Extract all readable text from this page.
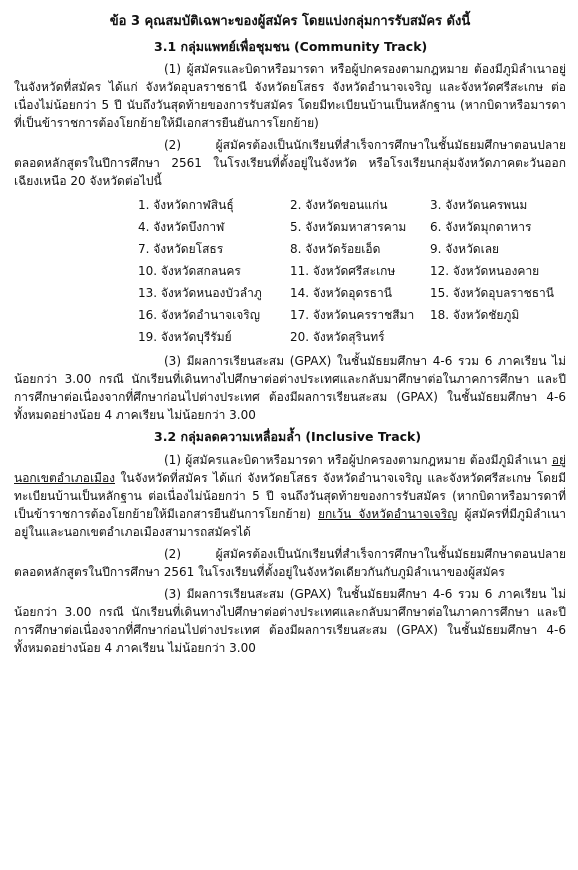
ข้อ 3 คุณสมบัติเฉพาะของผู้สมัคร โดยแบ่งกลุ่มการรับสมัคร ดังนี้
3.1 กลุ่มแพทย์เพื่อชุมชน (Community Track)

(1) ผู้สมัครและบิดาหรือมารดา หรือผู้ปกครองตามกฎหมาย ต้องมีภูมิลำเนาอยู่ในจังหวัดที่สมัคร ได้แก่ จังหวัดอุบลราชธานี จังหวัดยโสธร จังหวัดอำนาจเจริญ และจังหวัดศรีสะเกษ ต่อเนื่องไม่น้อยกว่า 5 ปี นับถึงวันสุดท้ายของการรับสมัคร โดยมีทะเบียนบ้านเป็นหลักฐาน (หากบิดาหรือมารดาที่เป็นข้าราชการต้องโยกย้ายให้มีเอกสารยืนยันการโยกย้าย)

(2) ผู้สมัครต้องเป็นนักเรียนที่สำเร็จการศึกษาในชั้นมัธยมศึกษาตอนปลาย ตลอดหลักสูตรในปีการศึกษา 2561 ในโรงเรียนที่ตั้งอยู่ในจังหวัด หรือโรงเรียนกลุ่มจังหวัดภาคตะวันออกเฉียงเหนือ 20 จังหวัดต่อไปนี้

1. จังหวัดกาฬสินธุ์	2. จังหวัดขอนแก่น	3. จังหวัดนครพนม
4. จังหวัดบึงกาฬ	5. จังหวัดมหาสารคาม	6. จังหวัดมุกดาหาร
7. จังหวัดยโสธร	8. จังหวัดร้อยเอ็ด	9. จังหวัดเลย
10. จังหวัดสกลนคร	11. จังหวัดศรีสะเกษ	12. จังหวัดหนองคาย
13. จังหวัดหนองบัวลำภู	14. จังหวัดอุดรธานี	15. จังหวัดอุบลราชธานี
16. จังหวัดอำนาจเจริญ	17. จังหวัดนครราชสีมา	18. จังหวัดชัยภูมิ
19. จังหวัดบุรีรัมย์	20. จังหวัดสุรินทร์

(3) มีผลการเรียนสะสม (GPAX) ในชั้นมัธยมศึกษา 4-6 รวม 6 ภาคเรียน ไม่น้อยกว่า 3.00 กรณี นักเรียนที่เดินทางไปศึกษาต่อต่างประเทศและกลับมาศึกษาต่อในภาคการศึกษา และปีการศึกษาต่อเนื่องจากที่ศึกษาก่อนไปต่างประเทศ ต้องมีผลการเรียนสะสม (GPAX) ในชั้นมัธยมศึกษา 4-6 ทั้งหมดอย่างน้อย 4 ภาคเรียน ไม่น้อยกว่า 3.00

3.2 กลุ่มลดความเหลื่อมล้ำ (Inclusive Track)

(1) ผู้สมัครและบิดาหรือมารดา หรือผู้ปกครองตามกฎหมาย ต้องมีภูมิลำเนา อยู่นอกเขตอำเภอเมือง ในจังหวัดที่สมัคร ได้แก่ จังหวัดยโสธร จังหวัดอำนาจเจริญ และจังหวัดศรีสะเกษ โดยมีทะเบียนบ้านเป็นหลักฐาน ต่อเนื่องไม่น้อยกว่า 5 ปี จนถึงวันสุดท้ายของการรับสมัคร (หากบิดาหรือมารดาที่เป็นข้าราชการต้องโยกย้ายให้มีเอกสารยืนยันการโยกย้าย) ยกเว้น จังหวัดอำนาจเจริญ ผู้สมัครที่มีภูมิลำเนาอยู่ในและนอกเขตอำเภอเมืองสามารถสมัครได้

(2) ผู้สมัครต้องเป็นนักเรียนที่สำเร็จการศึกษาในชั้นมัธยมศึกษาตอนปลาย ตลอดหลักสูตรในปีการศึกษา 2561 ในโรงเรียนที่ตั้งอยู่ในจังหวัดเดียวกันกับภูมิลำเนาของผู้สมัคร

(3) มีผลการเรียนสะสม (GPAX) ในชั้นมัธยมศึกษา 4-6 รวม 6 ภาคเรียน ไม่น้อยกว่า 3.00 กรณี นักเรียนที่เดินทางไปศึกษาต่อต่างประเทศและกลับมาศึกษาต่อในภาคการศึกษา และปีการศึกษาต่อเนื่องจากที่ศึกษาก่อนไปต่างประเทศ ต้องมีผลการเรียนสะสม (GPAX) ในชั้นมัธยมศึกษา 4-6 ทั้งหมดอย่างน้อย 4 ภาคเรียน ไม่น้อยกว่า 3.00
